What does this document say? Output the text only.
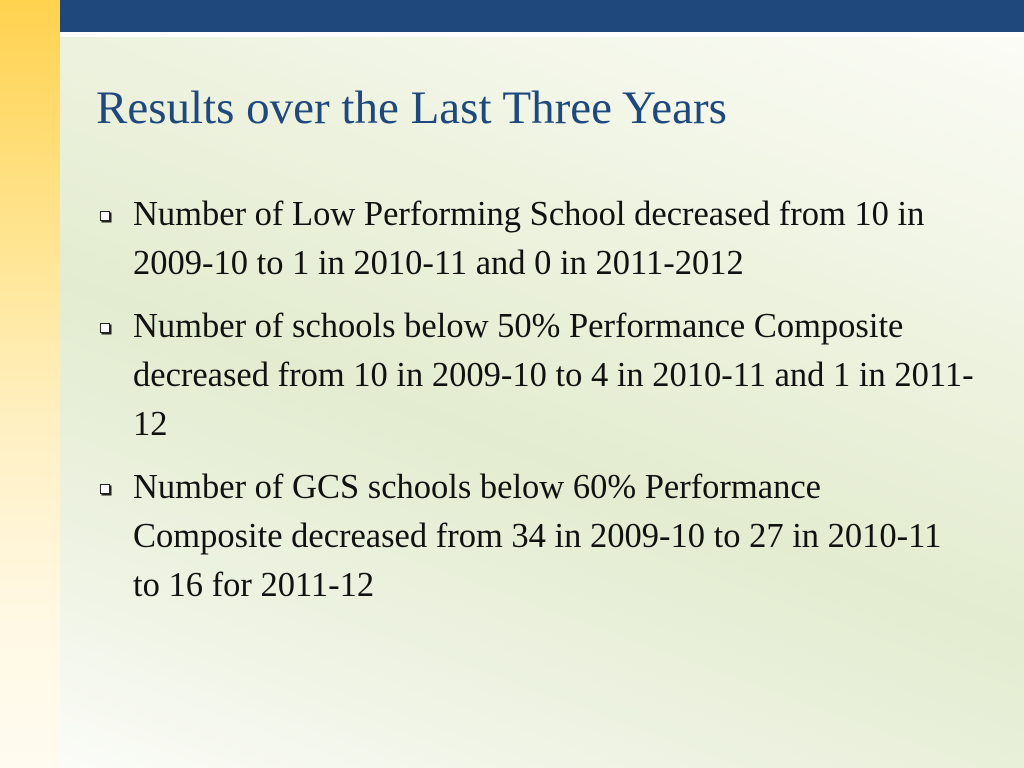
Results over the Last Three Years
Number of Low Performing School decreased from 10 in 2009-10 to 1 in 2010-11 and 0 in 2011-2012
Number of schools below 50% Performance Composite decreased from 10 in 2009-10 to 4 in 2010-11 and 1 in 2011-12
Number of GCS schools below 60% Performance Composite decreased from 34 in 2009-10 to 27 in 2010-11 to 16 for 2011-12
